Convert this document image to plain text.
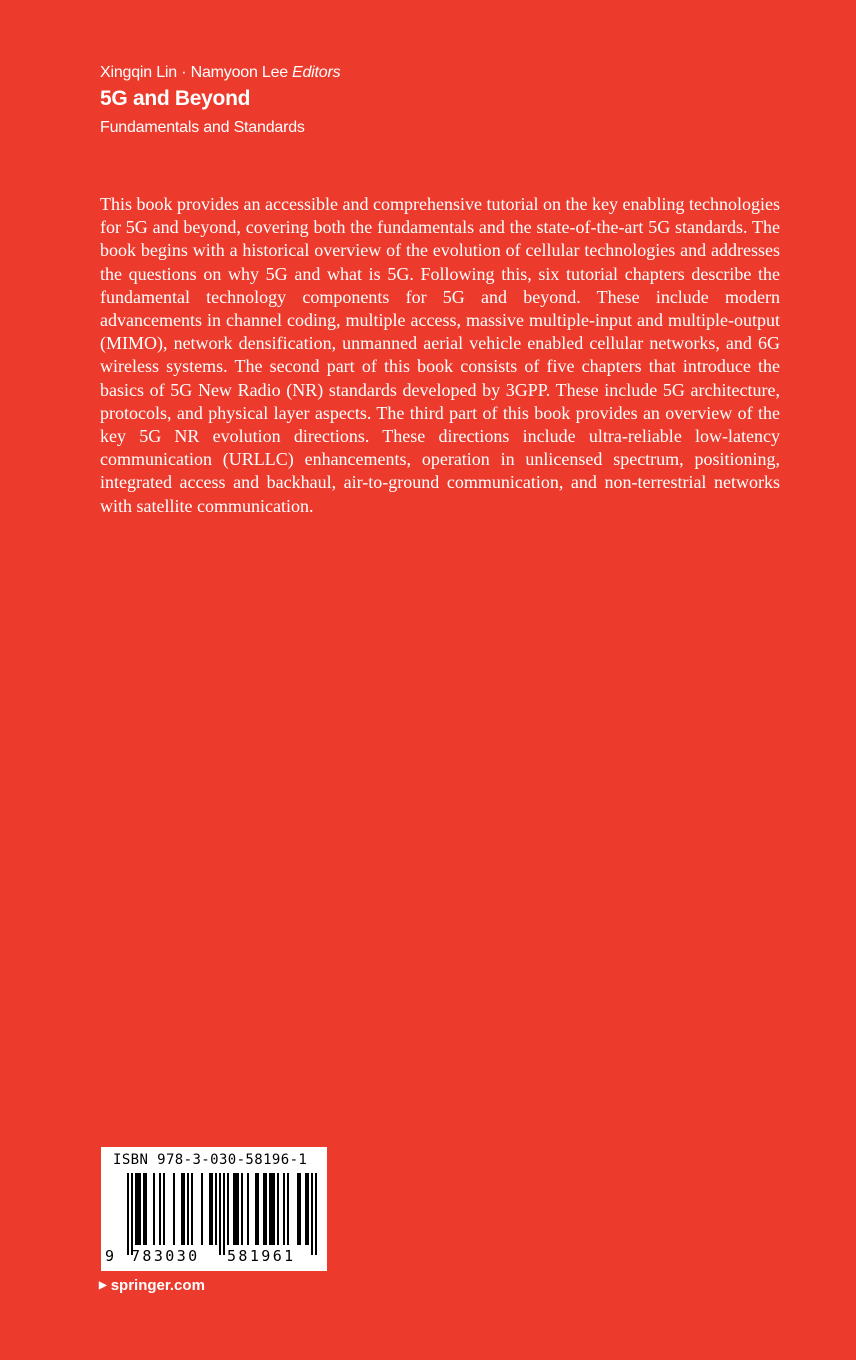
Xingqin Lin · Namyoon Lee Editors
5G and Beyond
Fundamentals and Standards

This book provides an accessible and comprehensive tutorial on the key enabling technologies for 5G and beyond, covering both the fundamentals and the state-of-the-art 5G standards. The book begins with a historical overview of the evolution of cellular technologies and addresses the questions on why 5G and what is 5G. Following this, six tutorial chapters describe the fundamental technology components for 5G and beyond. These include modern advancements in channel coding, multiple access, massive multiple-input and multiple-output (MIMO), network densification, unmanned aerial vehicle enabled cellular networks, and 6G wireless systems. The second part of this book consists of five chapters that introduce the basics of 5G New Radio (NR) standards developed by 3GPP. These include 5G architecture, protocols, and physical layer aspects. The third part of this book provides an overview of the key 5G NR evolution directions. These directions include ultra-reliable low-latency communication (URLLC) enhancements, operation in unlicensed spectrum, positioning, integrated access and backhaul, air-to-ground communication, and non-terrestrial networks with satellite communication.

ISBN 978-3-030-58196-1
9 783030 581961
▶ springer.com
